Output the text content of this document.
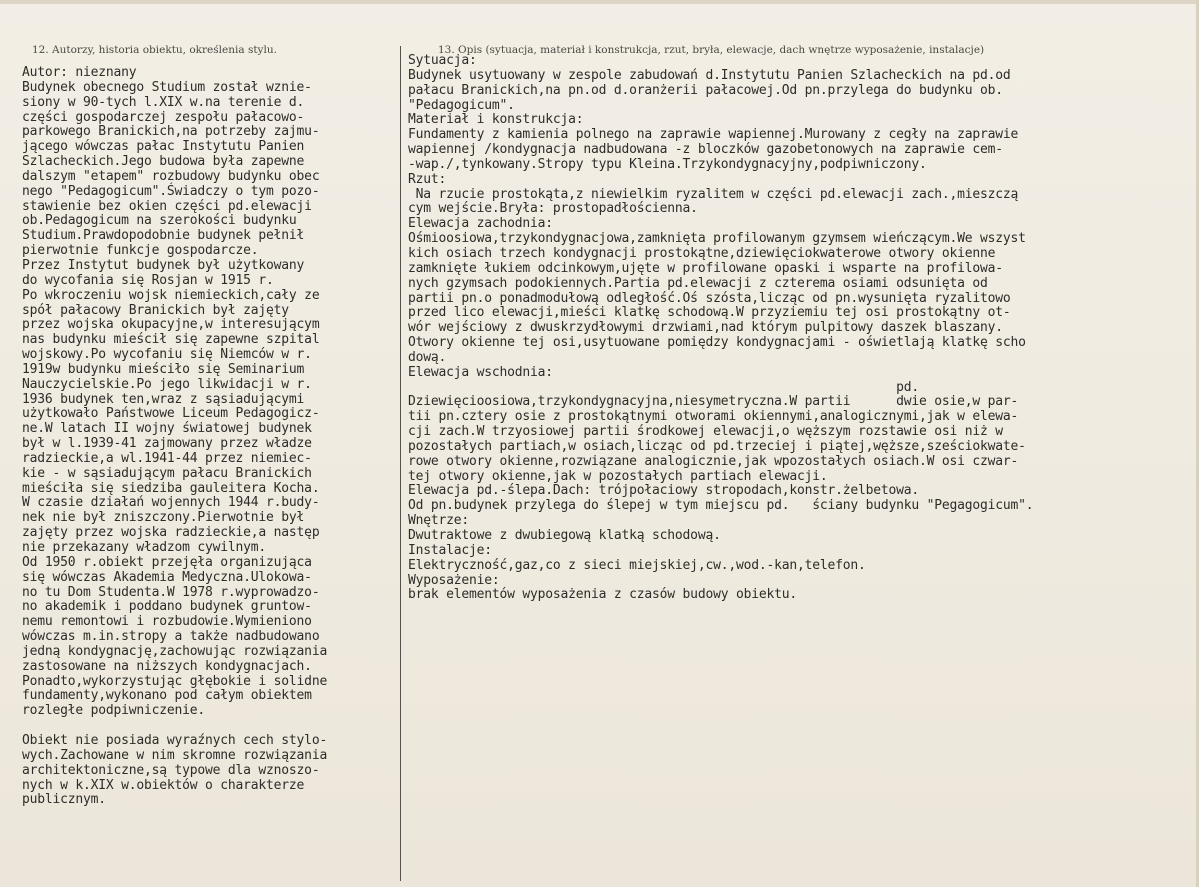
12. Autorzy, historia obiektu, określenia stylu.	13. Opis (sytuacja, materiał i konstrukcja, rzut, bryła, elewacje, dach wnętrze wyposażenie, instalacje)
Autor: nieznany
Budynek obecnego Studium został wznie-
siony w 90-tych l.XIX w.na terenie d.
części gospodarczej zespołu pałacowo-
parkowego Branickich,na potrzeby zajmu-
jącego wówczas pałac Instytutu Panien
Szlacheckich.Jego budowa była zapewne
dalszym "etapem" rozbudowy budynku obec
nego "Pedagogicum".Świadczy o tym pozo-
stawienie bez okien części pd.elewacji
ob.Pedagogicum na szerokości budynku
Studium.Prawdopodobnie budynek pełnił
pierwotnie funkcje gospodarcze.
Przez Instytut budynek był użytkowany
do wycofania się Rosjan w 1915 r.
Po wkroczeniu wojsk niemieckich,cały ze
spół pałacowy Branickich był zajęty
przez wojska okupacyjne,w interesującym
nas budynku mieścił się zapewne szpital
wojskowy.Po wycofaniu się Niemców w r.
1919w budynku mieściło się Seminarium
Nauczycielskie.Po jego likwidacji w r.
1936 budynek ten,wraz z sąsiadującymi
użytkowało Państwowe Liceum Pedagogicz-
ne.W latach II wojny światowej budynek
był w l.1939-41 zajmowany przez władze
radzieckie,a wl.1941-44 przez niemiec-
kie - w sąsiadującym pałacu Branickich
mieściła się siedziba gauleitera Kocha.
W czasie działań wojennych 1944 r.budy-
nek nie był zniszczony.Pierwotnie był
zajęty przez wojska radzieckie,a następ
nie przekazany władzom cywilnym.
Od 1950 r.obiekt przejęła organizująca
się wówczas Akademia Medyczna.Ulokowa-
no tu Dom Studenta.W 1978 r.wyprowadzo-
no akademik i poddano budynek gruntow-
nemu remontowi i rozbudowie.Wymieniono
wówczas m.in.stropy a także nadbudowano
jedną kondygnację,zachowując rozwiązania
zastosowane na niższych kondygnacjach.
Ponadto,wykorzystując głębokie i solidne
fundamenty,wykonano pod całym obiektem
rozległe podpiwniczenie.

Obiekt nie posiada wyraźnych cech stylo-
wych.Zachowane w nim skromne rozwiązania
architektoniczne,są typowe dla wznoszo-
nych w k.XIX w.obiektów o charakterze
publicznym.
Sytuacja:
Budynek usytuowany w zespole zabudowań d.Instytutu Panien Szlacheckich na pd.od
pałacu Branickich,na pn.od d.oranżerii pałacowej.Od pn.przylega do budynku ob.
"Pedagogicum".
Materiał i konstrukcja:
Fundamenty z kamienia polnego na zaprawie wapiennej.Murowany z cegły na zaprawie
wapiennej /kondygnacja nadbudowana -z bloczków gazobetonowych na zaprawie cem-
-wap./,tynkowany.Stropy typu Kleina.Trzykondygnacyjny,podpiwniczony.
Rzut:
Na rzucie prostokąta,z niewielkim ryzalitem w części pd.elewacji zach.,mieszczą
cym wejście.Bryła: prostopadłościenna.
Elewacja zachodnia:
Ośmioosiowa,trzykondygnacjowa,zamknięta profilowanym gzymsem wieńczącym.We wszyst
kich osiach trzech kondygnacji prostokątne,dziewięciokwaterowe otwory okienne
zamknięte łukiem odcinkowym,ujęte w profilowane opaski i wsparte na profilowa-
nych gzymsach podokiennych.Partia pd.elewacji z czterema osiami odsunięta od
partii pn.o ponadmodułową odległość.Oś szósta,licząc od pn.wysunięta ryzalitowo
przed lico elewacji,mieści klatkę schodową.W przyziemiu tej osi prostokątny ot-
wór wejściowy z dwuskrzydłowymi drzwiami,nad którym pulpitowy daszek blaszany.
Otwory okienne tej osi,usytuowane pomiędzy kondygnacjami - oświetlają klatkę scho
dową.
Elewacja wschodnia:
pd.
Dziewięcioosiowa,trzykondygnacyjna,niesymetryczna.W partii      dwie osie,w par-
tii pn.cztery osie z prostokątnymi otworami okiennymi,analogicznymi,jak w elewa-
cji zach.W trzyosiowej partii środkowej elewacji,o węższym rozstawie osi niż w
pozostałych partiach,w osiach,licząc od pd.trzeciej i piątej,węższe,sześciokwate-
rowe otwory okienne,rozwiązane analogicznie,jak wpozostałych osiach.W osi czwar-
tej otwory okienne,jak w pozostałych partiach elewacji.
Elewacja pd.-ślepa.Dach: trójpołaciowy stropodach,konstr.żelbetowa.
Od pn.budynek przylega do ślepej w tym miejscu pd.   ściany budynku "Pegagogicum".
Wnętrze:
Dwutraktowe z dwubiegową klatką schodową.
Instalacje:
Elektryczność,gaz,co z sieci miejskiej,cw.,wod.-kan,telefon.
Wyposażenie:
brak elementów wyposażenia z czasów budowy obiektu.
